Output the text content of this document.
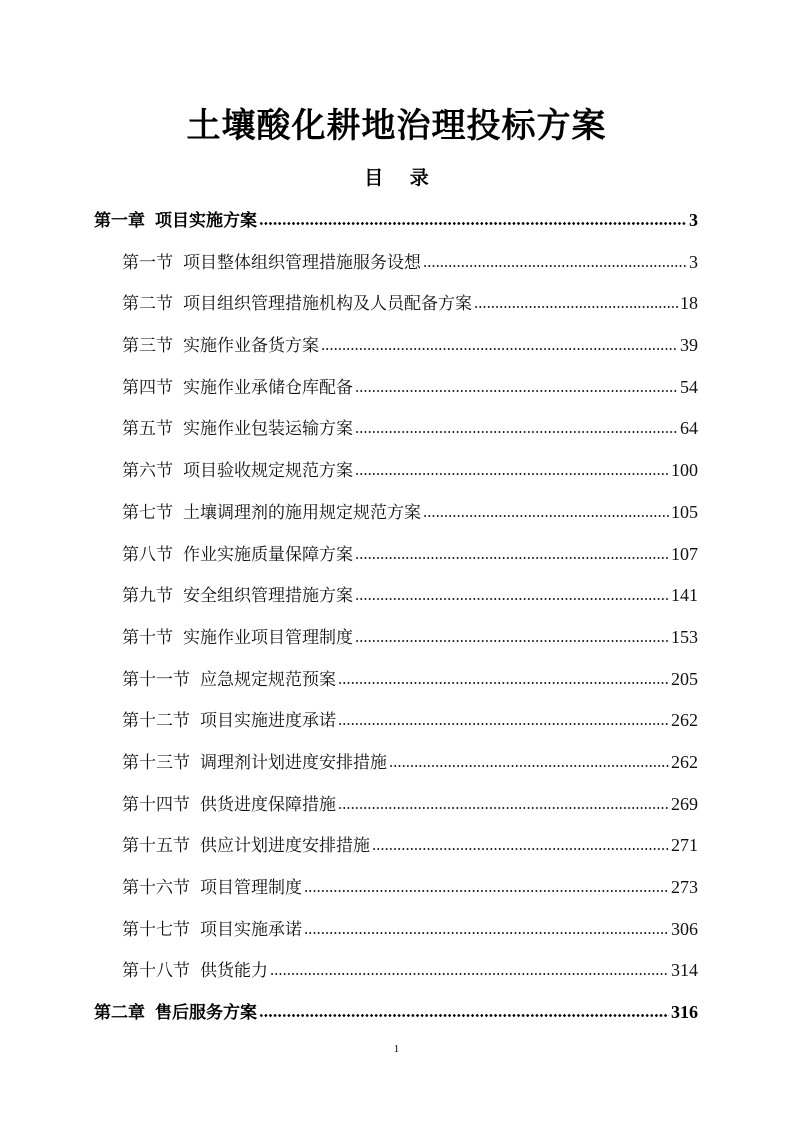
土壤酸化耕地治理投标方案
目 录
第一章 项目实施方案	3
第一节 项目整体组织管理措施服务设想	3
第二节 项目组织管理措施机构及人员配备方案	18
第三节 实施作业备货方案	39
第四节 实施作业承储仓库配备	54
第五节 实施作业包装运输方案	64
第六节 项目验收规定规范方案	100
第七节 土壤调理剂的施用规定规范方案	105
第八节 作业实施质量保障方案	107
第九节 安全组织管理措施方案	141
第十节 实施作业项目管理制度	153
第十一节 应急规定规范预案	205
第十二节 项目实施进度承诺	262
第十三节 调理剂计划进度安排措施	262
第十四节 供货进度保障措施	269
第十五节 供应计划进度安排措施	271
第十六节 项目管理制度	273
第十七节 项目实施承诺	306
第十八节 供货能力	314
第二章 售后服务方案	316
1
